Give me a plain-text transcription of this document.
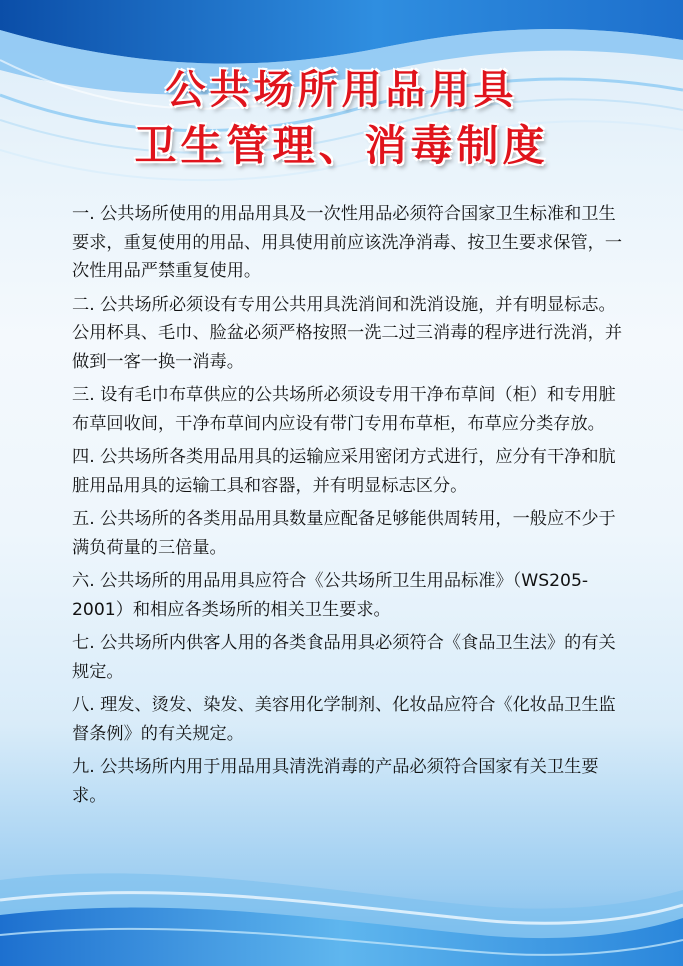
公共场所用品用具
卫生管理、消毒制度
一. 公共场所使用的用品用具及一次性用品必须符合国家卫生标准和卫生要求，重复使用的用品、用具使用前应该洗净消毒、按卫生要求保管，一次性用品严禁重复使用。
二. 公共场所必须设有专用公共用具洗消间和洗消设施，并有明显标志。公用杯具、毛巾、脸盆必须严格按照一洗二过三消毒的程序进行洗消，并做到一客一换一消毒。
三. 设有毛巾布草供应的公共场所必须设专用干净布草间（柜）和专用脏布草回收间，干净布草间内应设有带门专用布草柜，布草应分类存放。
四. 公共场所各类用品用具的运输应采用密闭方式进行，应分有干净和肮脏用品用具的运输工具和容器，并有明显标志区分。
五. 公共场所的各类用品用具数量应配备足够能供周转用，一般应不少于满负荷量的三倍量。
六. 公共场所的用品用具应符合《公共场所卫生用品标准》（WS205-2001）和相应各类场所的相关卫生要求。
七. 公共场所内供客人用的各类食品用具必须符合《食品卫生法》的有关规定。
八. 理发、烫发、染发、美容用化学制剂、化妆品应符合《化妆品卫生监督条例》的有关规定。
九. 公共场所内用于用品用具清洗消毒的产品必须符合国家有关卫生要求。
